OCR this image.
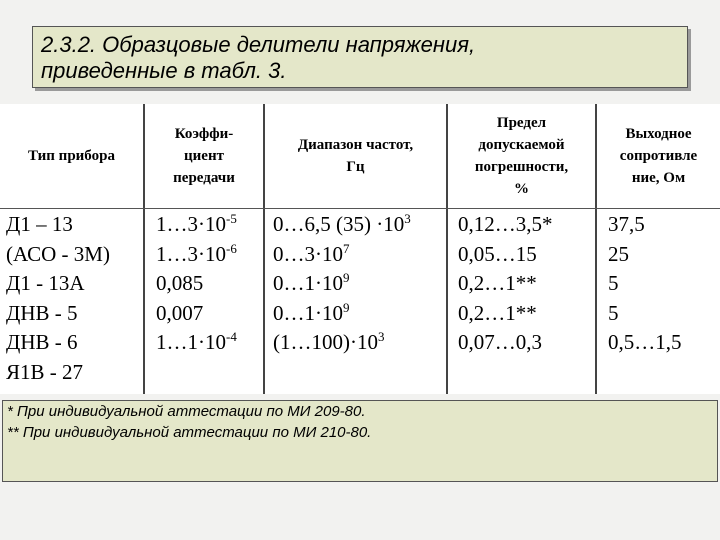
2.3.2. Образцовые делители напряжения,
приведенные в табл. 3.
Тип прибора
Коэффи-
циент
передачи
Диапазон частот,
Гц
Предел
допускаемой
погрешности,
%
Выходное
сопротивле
ние, Ом
Д1 – 13
(АСО - 3М)
Д1 - 13А
ДНВ - 5
ДНВ - 6
Я1В - 27
$1\dots 3\cdot 10^{-5}$
$1\dots 3\cdot 10^{-6}$
0,085
0,007
$1\dots 1\cdot 10^{-4}$
0…6,5 $(35) \cdot 10^3$
$0\dots 3\cdot 10^7$
$0\dots 1\cdot 10^9$
$0\dots 1\cdot 10^9$
$(1\dots 100)\cdot 10^3$
0,12…3,5*
0,05…15
0,2…1**
0,2…1**
0,07…0,3
37,5
25
5
5
0,5…1,5
* При индивидуальной аттестации по МИ 209-80.
** При индивидуальной аттестации по МИ 210-80.
